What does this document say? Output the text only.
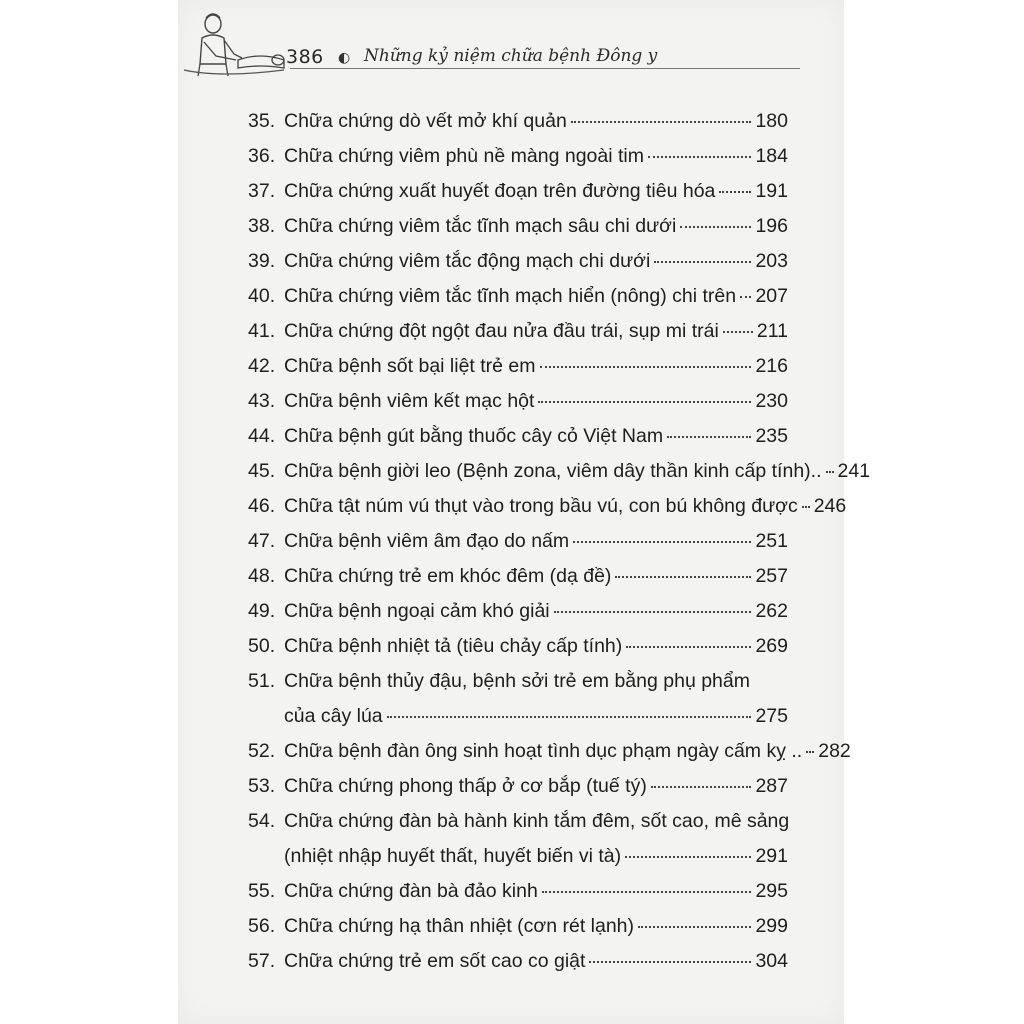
386 ◐ Những kỷ niệm chữa bệnh Đông y
35. Chữa chứng dò vết mở khí quản	180
36. Chữa chứng viêm phù nề màng ngoài tim	184
37. Chữa chứng xuất huyết đoạn trên đường tiêu hóa 191
38. Chữa chứng viêm tắc tĩnh mạch sâu chi dưới	196
39. Chữa chứng viêm tắc động mạch chi dưới	203
40. Chữa chứng viêm tắc tĩnh mạch hiển (nông) chi trên 207
41. Chữa chứng đột ngột đau nửa đầu trái, sụp mi trái 211
42. Chữa bệnh sốt bại liệt trẻ em	216
43. Chữa bệnh viêm kết mạc hột	230
44. Chữa bệnh gút bằng thuốc cây cỏ Việt Nam	235
45. Chữa bệnh giời leo (Bệnh zona, viêm dây thần kinh cấp tính).. 241
46. Chữa tật núm vú thụt vào trong bầu vú, con bú không được 246
47. Chữa bệnh viêm âm đạo do nấm	251
48. Chữa chứng trẻ em khóc đêm (dạ đề)	257
49. Chữa bệnh ngoại cảm khó giải	262
50. Chữa bệnh nhiệt tả (tiêu chảy cấp tính)	269
51. Chữa bệnh thủy đậu, bệnh sởi trẻ em bằng phụ phẩm
của cây lúa	275
52. Chữa bệnh đàn ông sinh hoạt tình dục phạm ngày cấm kỵ .. 282
53. Chữa chứng phong thấp ở cơ bắp (tuế tý)	287
54. Chữa chứng đàn bà hành kinh tắm đêm, sốt cao, mê sảng
(nhiệt nhập huyết thất, huyết biến vi tà)	291
55. Chữa chứng đàn bà đảo kinh	295
56. Chữa chứng hạ thân nhiệt (cơn rét lạnh)	299
57. Chữa chứng trẻ em sốt cao co giật	304
